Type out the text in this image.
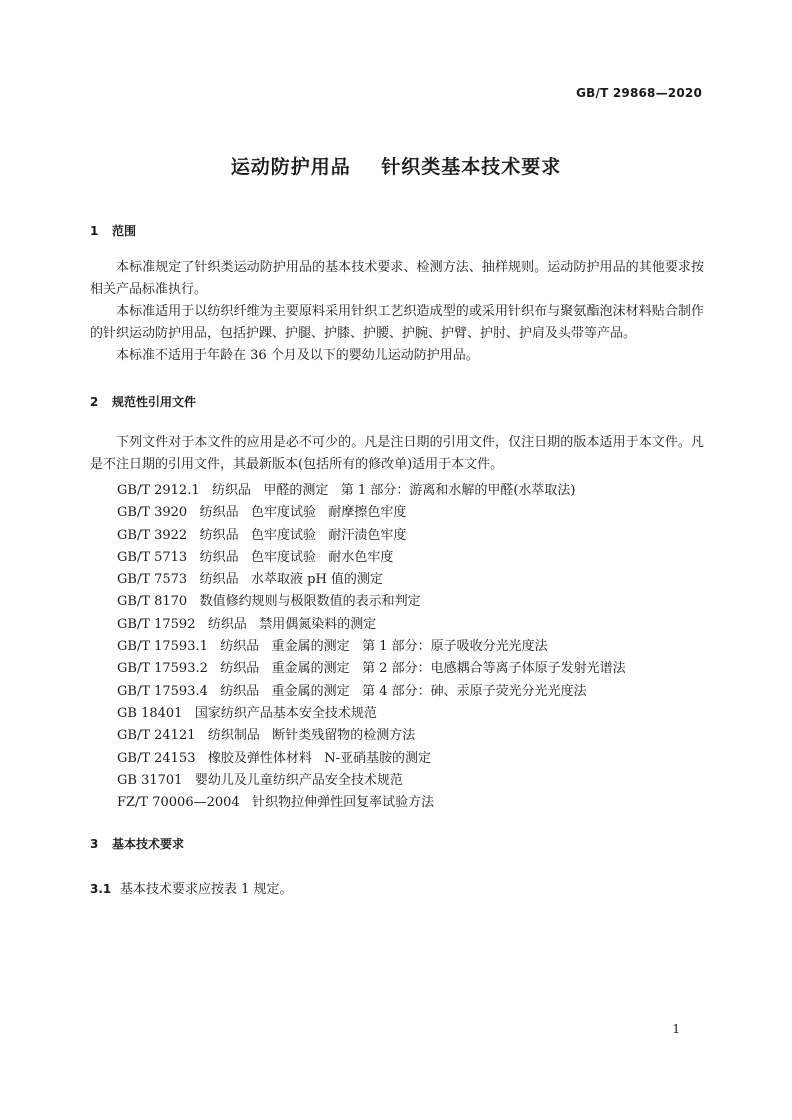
GB/T 29868—2020
运动防护用品    针织类基本技术要求
1 范围

本标准规定了针织类运动防护用品的基本技术要求、检测方法、抽样规则。运动防护用品的其他要求按相关产品标准执行。

本标准适用于以纺织纤维为主要原料采用针织工艺织造成型的或采用针织布与聚氨酯泡沫材料贴合制作的针织运动防护用品，包括护踝、护腿、护膝、护腰、护腕、护臂、护肘、护肩及头带等产品。

本标准不适用于年龄在 36 个月及以下的婴幼儿运动防护用品。

2 规范性引用文件

下列文件对于本文件的应用是必不可少的。凡是注日期的引用文件，仅注日期的版本适用于本文件。凡是不注日期的引用文件，其最新版本(包括所有的修改单)适用于本文件。

GB/T 2912.1   纺织品   甲醛的测定   第 1 部分：游离和水解的甲醛(水萃取法)
GB/T 3920   纺织品   色牢度试验   耐摩擦色牢度
GB/T 3922   纺织品   色牢度试验   耐汗渍色牢度
GB/T 5713   纺织品   色牢度试验   耐水色牢度
GB/T 7573   纺织品   水萃取液 pH 值的测定
GB/T 8170   数值修约规则与极限数值的表示和判定
GB/T 17592   纺织品   禁用偶氮染料的测定
GB/T 17593.1   纺织品   重金属的测定   第 1 部分：原子吸收分光光度法
GB/T 17593.2   纺织品   重金属的测定   第 2 部分：电感耦合等离子体原子发射光谱法
GB/T 17593.4   纺织品   重金属的测定   第 4 部分：砷、汞原子荧光分光光度法
GB 18401   国家纺织产品基本安全技术规范
GB/T 24121   纺织制品   断针类残留物的检测方法
GB/T 24153   橡胶及弹性体材料   N-亚硝基胺的测定
GB 31701   婴幼儿及儿童纺织产品安全技术规范
FZ/T 70006—2004   针织物拉伸弹性回复率试验方法
3 基本技术要求
3.1 基本技术要求应按表 1 规定。
1
